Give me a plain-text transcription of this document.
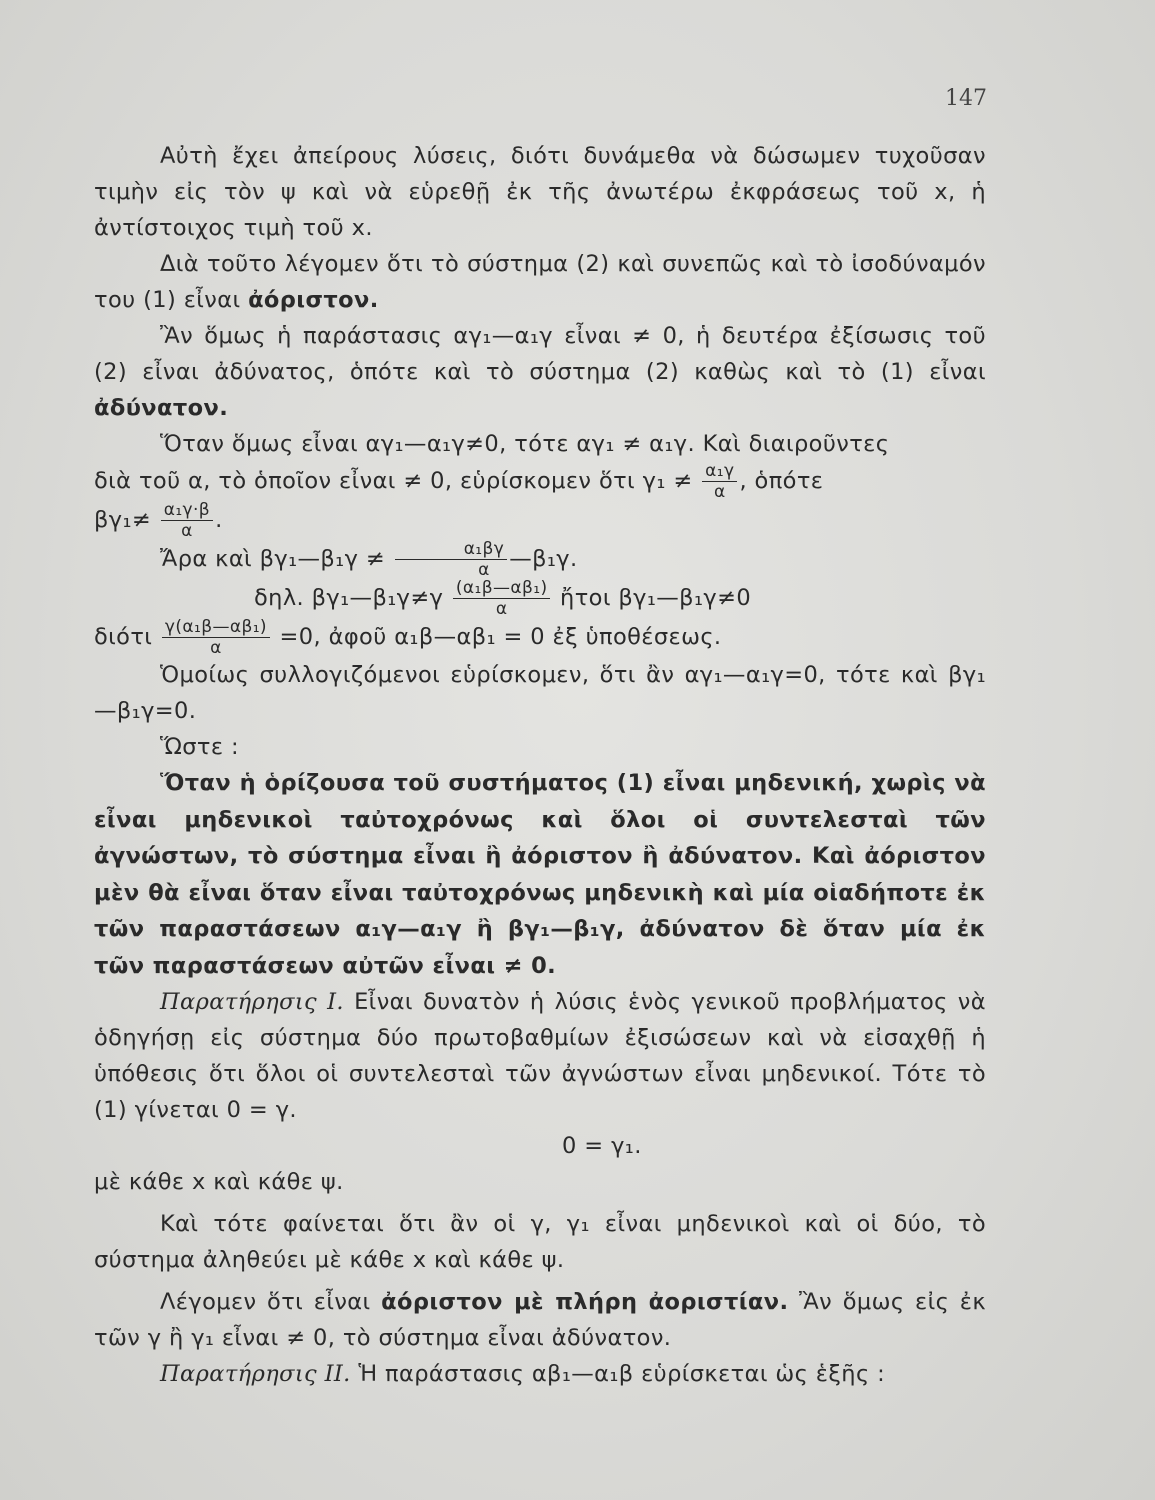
147

Αὐτὴ ἔχει ἀπείρους λύσεις, διότι δυνάμεθα νὰ δώσωμεν τυχοῦσαν τιμὴν εἰς τὸν ψ καὶ νὰ εὑρεθῇ ἐκ τῆς ἀνωτέρω ἐκφράσεως τοῦ x, ἡ ἀντίστοιχος τιμὴ τοῦ x.

Διὰ τοῦτο λέγομεν ὅτι τὸ σύστημα (2) καὶ συνεπῶς καὶ τὸ ἰσοδύναμόν του (1) εἶναι ἀόριστον.

Ἂν ὅμως ἡ παράστασις αγ₁—α₁γ εἶναι ≠ 0, ἡ δευτέρα ἐξίσωσις τοῦ (2) εἶναι ἀδύνατος, ὁπότε καὶ τὸ σύστημα (2) καθὼς καὶ τὸ (1) εἶναι ἀδύνατον.

Ὅταν ὅμως εἶναι αγ₁—α₁γ≠0, τότε αγ₁ ≠ α₁γ. Καὶ διαιροῦντες

διὰ τοῦ α, τὸ ὁποῖον εἶναι ≠ 0, εὑρίσκομεν ὅτι $\gamma_1 \ne \frac{\text{α₁γ}}{\alpha}$ , ὁπότε

$\beta\gamma_1\ne \frac{\text{α₁γ·β}}{\alpha}$ .

Ἄρα καὶ βγ₁—β₁γ ≠ $\frac{\text{α₁βγ}}{\alpha}$ —β₁γ.

δηλ. βγ₁—β₁γ≠γ $\frac{\text{(α₁β—αβ₁)}}{\alpha}$ ἤτοι βγ₁—β₁γ≠0

διότι $\frac{\text{γ(α₁β—αβ₁)}}{\alpha} =0$, ἀφοῦ α₁β—αβ₁ = 0 ἐξ ὑποθέσεως.

Ὁμοίως συλλογιζόμενοι εὑρίσκομεν, ὅτι ἂν αγ₁—α₁γ=0, τότε καὶ βγ₁—β₁γ=0.

Ὥστε :

Ὅταν ἡ ὁρίζουσα τοῦ συστήματος (1) εἶναι μηδενική, χωρὶς νὰ εἶναι μηδενικοὶ ταὐτοχρόνως καὶ ὅλοι οἱ συντελεσταὶ τῶν ἀγνώστων, τὸ σύστημα εἶναι ἢ ἀόριστον ἢ ἀδύνατον. Καὶ ἀόριστον μὲν θὰ εἶναι ὅταν εἶναι ταὐτοχρόνως μηδενικὴ καὶ μία οἱαδήποτε ἐκ τῶν παραστάσεων α₁γ—α₁γ ἢ βγ₁—β₁γ, ἀδύνατον δὲ ὅταν μία ἐκ τῶν παραστάσεων αὐτῶν εἶναι ≠ 0.

Παρατήρησις Ι. Εἶναι δυνατὸν ἡ λύσις ἑνὸς γενικοῦ προβλήματος νὰ ὁδηγήσῃ εἰς σύστημα δύο πρωτοβαθμίων ἐξισώσεων καὶ νὰ εἰσαχθῇ ἡ ὑπόθεσις ὅτι ὅλοι οἱ συντελεσταὶ τῶν ἀγνώστων εἶναι μηδενικοί. Τότε τὸ (1) γίνεται 0 = γ.

0 = γ₁.

μὲ κάθε x καὶ κάθε ψ.

Καὶ τότε φαίνεται ὅτι ἂν οἱ γ, γ₁ εἶναι μηδενικοὶ καὶ οἱ δύο, τὸ σύστημα ἀληθεύει μὲ κάθε x καὶ κάθε ψ.

Λέγομεν ὅτι εἶναι ἀόριστον μὲ πλήρη ἀοριστίαν. Ἂν ὅμως εἰς ἐκ τῶν γ ἢ γ₁ εἶναι ≠ 0, τὸ σύστημα εἶναι ἀδύνατον.

Παρατήρησις ΙΙ. Ἡ παράστασις αβ₁—α₁β εὑρίσκεται ὡς ἑξῆς :
